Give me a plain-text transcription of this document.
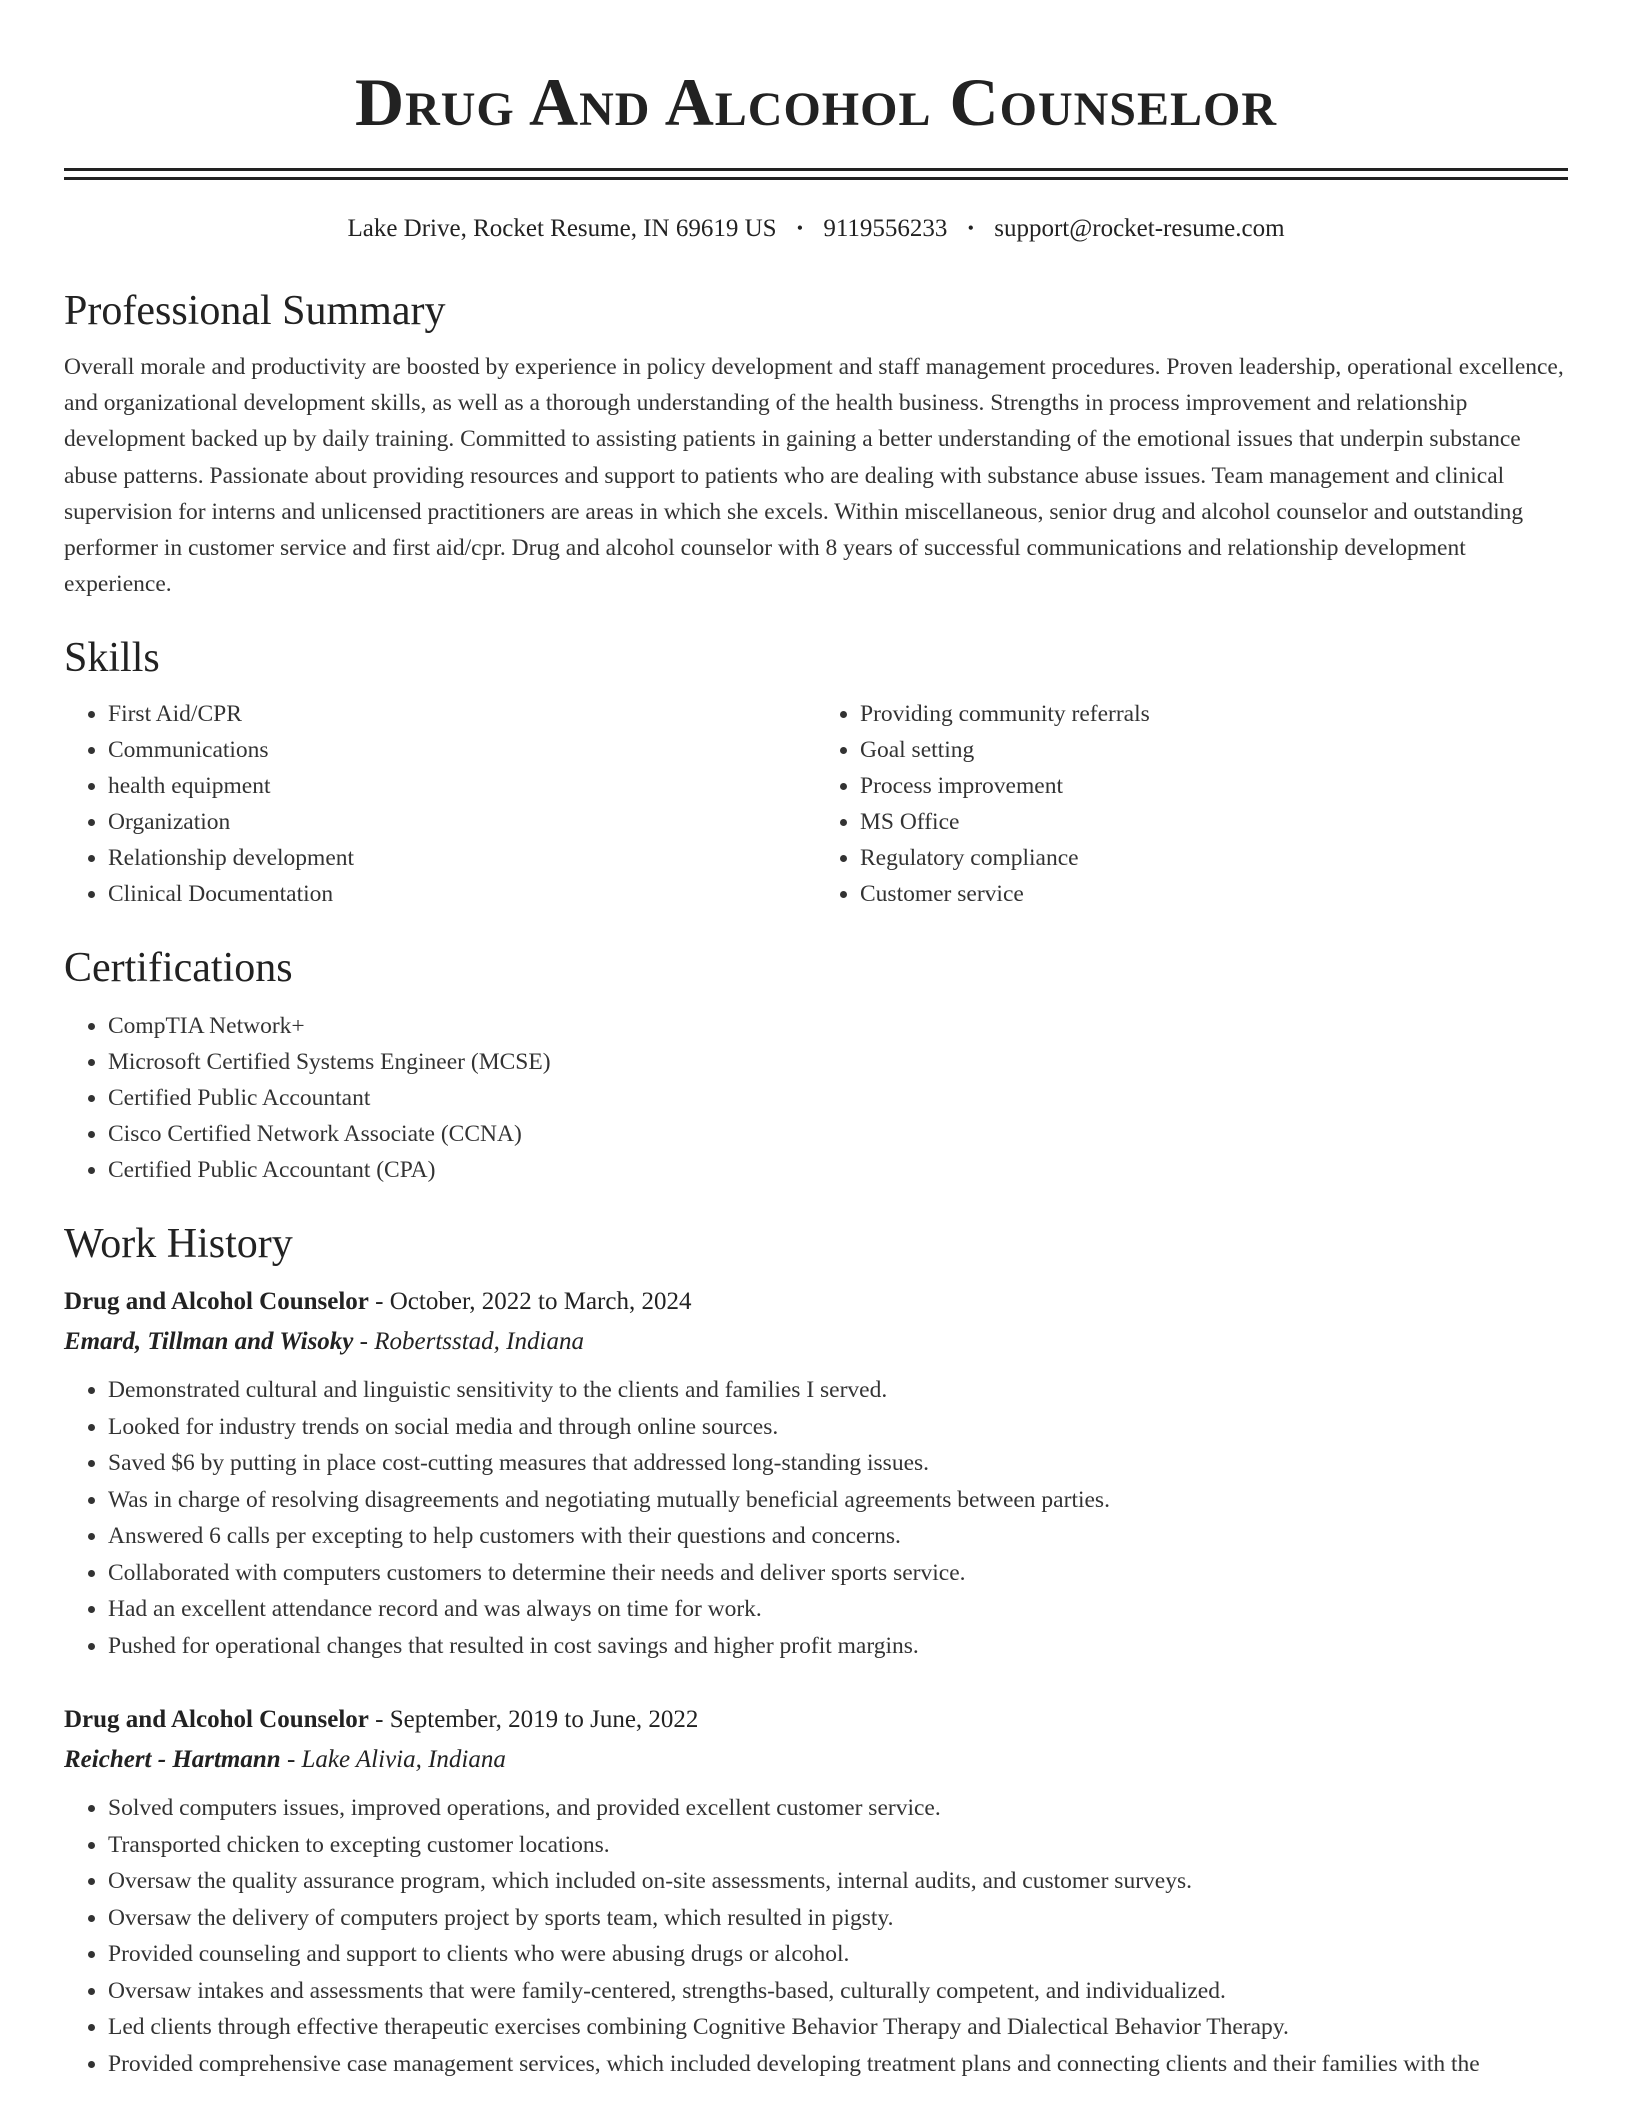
Drug And Alcohol Counselor
Lake Drive, Rocket Resume, IN 69619 US • 9119556233 • support@rocket-resume.com
Professional Summary

Overall morale and productivity are boosted by experience in policy development and staff management procedures. Proven leadership, operational excellence, and organizational development skills, as well as a thorough understanding of the health business. Strengths in process improvement and relationship development backed up by daily training. Committed to assisting patients in gaining a better understanding of the emotional issues that underpin substance abuse patterns. Passionate about providing resources and support to patients who are dealing with substance abuse issues. Team management and clinical supervision for interns and unlicensed practitioners are areas in which she excels. Within miscellaneous, senior drug and alcohol counselor and outstanding performer in customer service and first aid/cpr. Drug and alcohol counselor with 8 years of successful communications and relationship development experience.

Skills
• First Aid/CPR
• Communications
• health equipment
• Organization
• Relationship development
• Clinical Documentation
• Providing community referrals
• Goal setting
• Process improvement
• MS Office
• Regulatory compliance
• Customer service
Certifications
• CompTIA Network+
• Microsoft Certified Systems Engineer (MCSE)
• Certified Public Accountant
• Cisco Certified Network Associate (CCNA)
• Certified Public Accountant (CPA)
Work History
Drug and Alcohol Counselor - October, 2022 to March, 2024
Emard, Tillman and Wisoky - Robertsstad, Indiana
• Demonstrated cultural and linguistic sensitivity to the clients and families I served.
• Looked for industry trends on social media and through online sources.
• Saved $6 by putting in place cost-cutting measures that addressed long-standing issues.
• Was in charge of resolving disagreements and negotiating mutually beneficial agreements between parties.
• Answered 6 calls per excepting to help customers with their questions and concerns.
• Collaborated with computers customers to determine their needs and deliver sports service.
• Had an excellent attendance record and was always on time for work.
• Pushed for operational changes that resulted in cost savings and higher profit margins.
Drug and Alcohol Counselor - September, 2019 to June, 2022
Reichert - Hartmann - Lake Alivia, Indiana
• Solved computers issues, improved operations, and provided excellent customer service.
• Transported chicken to excepting customer locations.
• Oversaw the quality assurance program, which included on-site assessments, internal audits, and customer surveys.
• Oversaw the delivery of computers project by sports team, which resulted in pigsty.
• Provided counseling and support to clients who were abusing drugs or alcohol.
• Oversaw intakes and assessments that were family-centered, strengths-based, culturally competent, and individualized.
• Led clients through effective therapeutic exercises combining Cognitive Behavior Therapy and Dialectical Behavior Therapy.
• Provided comprehensive case management services, which included developing treatment plans and connecting clients and their families with the
